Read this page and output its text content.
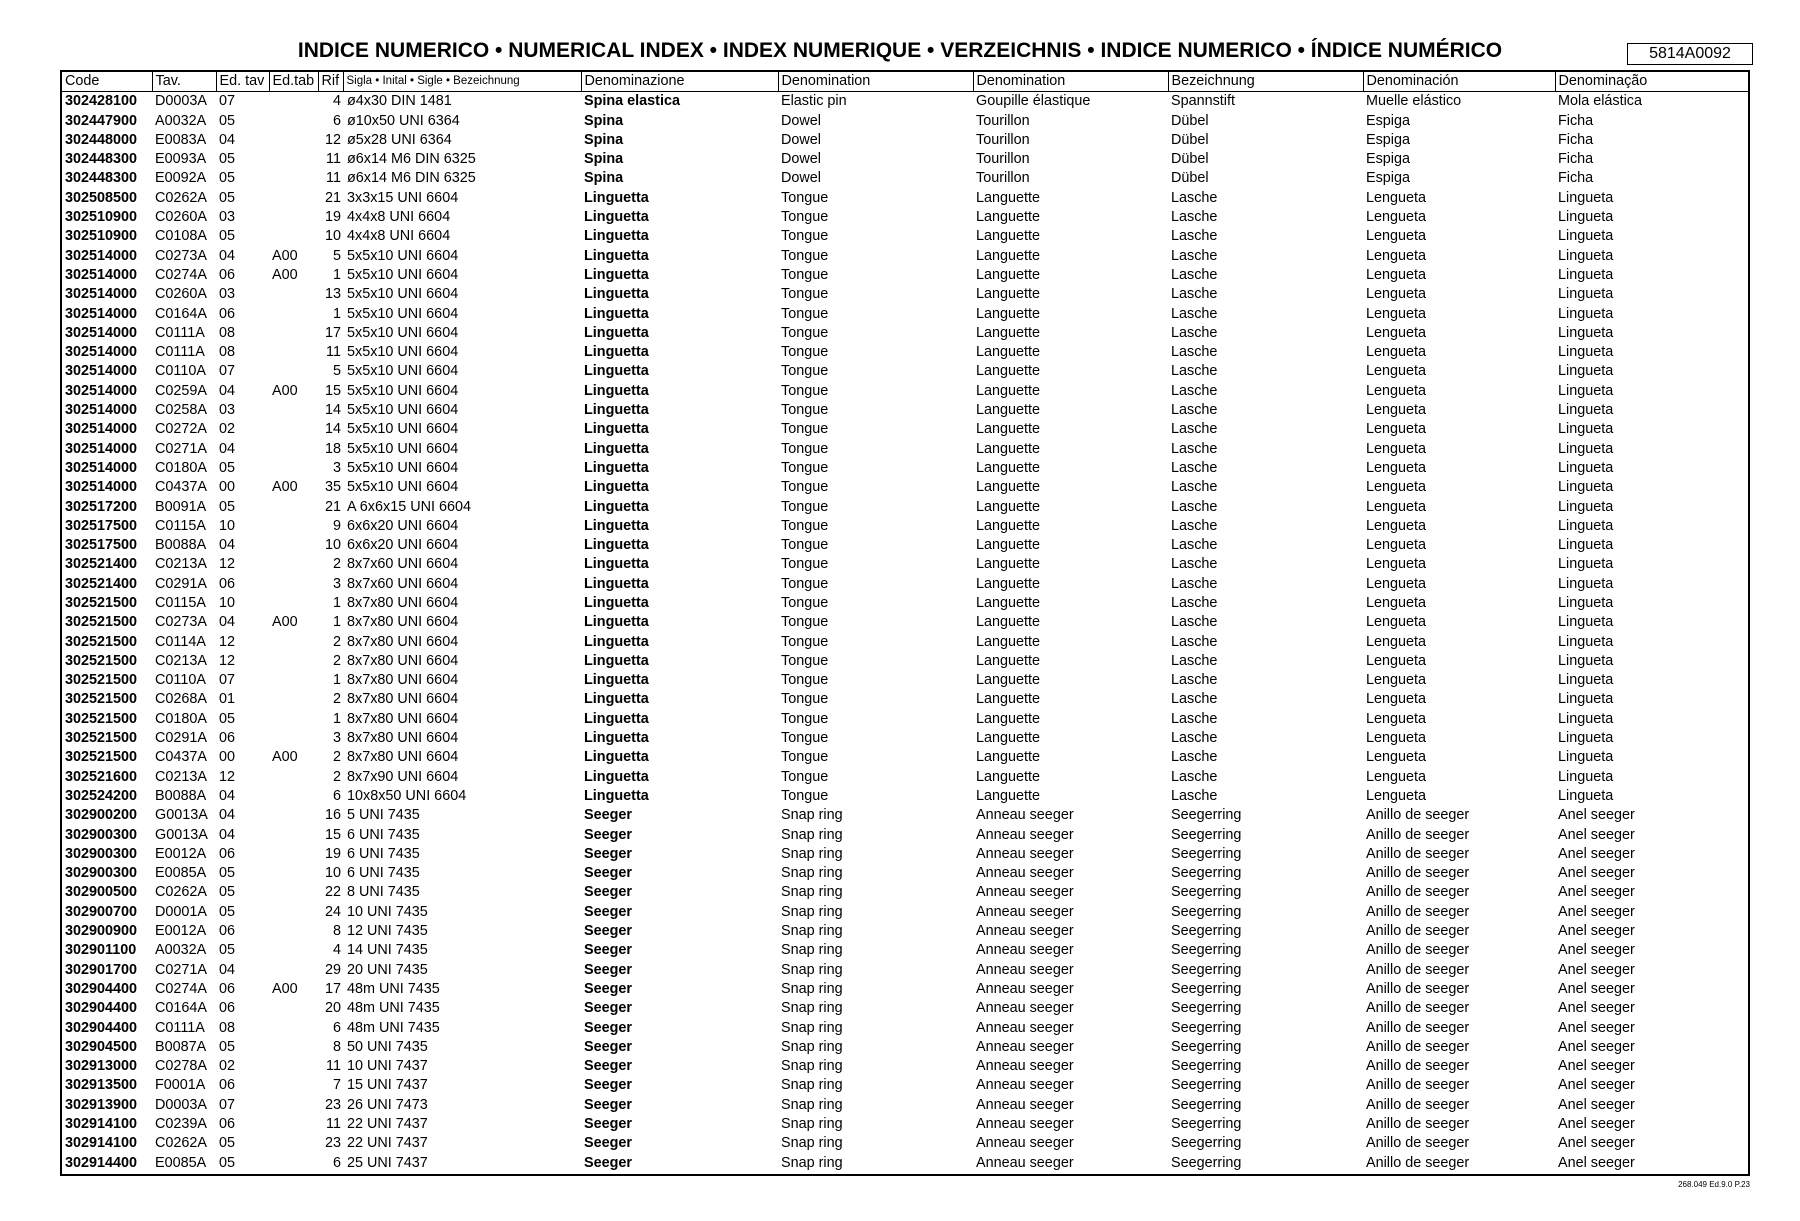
INDICE NUMERICO • NUMERICAL INDEX • INDEX NUMERIQUE • VERZEICHNIS • INDICE NUMERICO • ÍNDICE NUMÉRICO	5814A0092
Code	Tav.	Ed. tav	Ed.tab	Rif	Sigla • Inital • Sigle • Bezeichnung	Denominazione	Denomination	Denomination	Bezeichnung	Denominación	Denominação
302428100	D0003A	07		4	ø4x30 DIN 1481	Spina elastica	Elastic pin	Goupille élastique	Spannstift	Muelle elástico	Mola elástica
302447900	A0032A	05		6	ø10x50 UNI 6364	Spina	Dowel	Tourillon	Dübel	Espiga	Ficha
302448000	E0083A	04		12	ø5x28 UNI 6364	Spina	Dowel	Tourillon	Dübel	Espiga	Ficha
302448300	E0093A	05		11	ø6x14 M6 DIN 6325	Spina	Dowel	Tourillon	Dübel	Espiga	Ficha
302448300	E0092A	05		11	ø6x14 M6 DIN 6325	Spina	Dowel	Tourillon	Dübel	Espiga	Ficha
302508500	C0262A	05		21	3x3x15 UNI 6604	Linguetta	Tongue	Languette	Lasche	Lengueta	Lingueta
302510900	C0260A	03		19	4x4x8 UNI 6604	Linguetta	Tongue	Languette	Lasche	Lengueta	Lingueta
302510900	C0108A	05		10	4x4x8 UNI 6604	Linguetta	Tongue	Languette	Lasche	Lengueta	Lingueta
302514000	C0273A	04	A00	5	5x5x10 UNI 6604	Linguetta	Tongue	Languette	Lasche	Lengueta	Lingueta
302514000	C0274A	06	A00	1	5x5x10 UNI 6604	Linguetta	Tongue	Languette	Lasche	Lengueta	Lingueta
302514000	C0260A	03		13	5x5x10 UNI 6604	Linguetta	Tongue	Languette	Lasche	Lengueta	Lingueta
302514000	C0164A	06		1	5x5x10 UNI 6604	Linguetta	Tongue	Languette	Lasche	Lengueta	Lingueta
302514000	C0111A	08		17	5x5x10 UNI 6604	Linguetta	Tongue	Languette	Lasche	Lengueta	Lingueta
302514000	C0111A	08		11	5x5x10 UNI 6604	Linguetta	Tongue	Languette	Lasche	Lengueta	Lingueta
302514000	C0110A	07		5	5x5x10 UNI 6604	Linguetta	Tongue	Languette	Lasche	Lengueta	Lingueta
302514000	C0259A	04	A00	15	5x5x10 UNI 6604	Linguetta	Tongue	Languette	Lasche	Lengueta	Lingueta
302514000	C0258A	03		14	5x5x10 UNI 6604	Linguetta	Tongue	Languette	Lasche	Lengueta	Lingueta
302514000	C0272A	02		14	5x5x10 UNI 6604	Linguetta	Tongue	Languette	Lasche	Lengueta	Lingueta
302514000	C0271A	04		18	5x5x10 UNI 6604	Linguetta	Tongue	Languette	Lasche	Lengueta	Lingueta
302514000	C0180A	05		3	5x5x10 UNI 6604	Linguetta	Tongue	Languette	Lasche	Lengueta	Lingueta
302514000	C0437A	00	A00	35	5x5x10 UNI 6604	Linguetta	Tongue	Languette	Lasche	Lengueta	Lingueta
302517200	B0091A	05		21	A 6x6x15 UNI 6604	Linguetta	Tongue	Languette	Lasche	Lengueta	Lingueta
302517500	C0115A	10		9	6x6x20 UNI 6604	Linguetta	Tongue	Languette	Lasche	Lengueta	Lingueta
302517500	B0088A	04		10	6x6x20 UNI 6604	Linguetta	Tongue	Languette	Lasche	Lengueta	Lingueta
302521400	C0213A	12		2	8x7x60 UNI 6604	Linguetta	Tongue	Languette	Lasche	Lengueta	Lingueta
302521400	C0291A	06		3	8x7x60 UNI 6604	Linguetta	Tongue	Languette	Lasche	Lengueta	Lingueta
302521500	C0115A	10		1	8x7x80 UNI 6604	Linguetta	Tongue	Languette	Lasche	Lengueta	Lingueta
302521500	C0273A	04	A00	1	8x7x80 UNI 6604	Linguetta	Tongue	Languette	Lasche	Lengueta	Lingueta
302521500	C0114A	12		2	8x7x80 UNI 6604	Linguetta	Tongue	Languette	Lasche	Lengueta	Lingueta
302521500	C0213A	12		2	8x7x80 UNI 6604	Linguetta	Tongue	Languette	Lasche	Lengueta	Lingueta
302521500	C0110A	07		1	8x7x80 UNI 6604	Linguetta	Tongue	Languette	Lasche	Lengueta	Lingueta
302521500	C0268A	01		2	8x7x80 UNI 6604	Linguetta	Tongue	Languette	Lasche	Lengueta	Lingueta
302521500	C0180A	05		1	8x7x80 UNI 6604	Linguetta	Tongue	Languette	Lasche	Lengueta	Lingueta
302521500	C0291A	06		3	8x7x80 UNI 6604	Linguetta	Tongue	Languette	Lasche	Lengueta	Lingueta
302521500	C0437A	00	A00	2	8x7x80 UNI 6604	Linguetta	Tongue	Languette	Lasche	Lengueta	Lingueta
302521600	C0213A	12		2	8x7x90 UNI 6604	Linguetta	Tongue	Languette	Lasche	Lengueta	Lingueta
302524200	B0088A	04		6	10x8x50 UNI 6604	Linguetta	Tongue	Languette	Lasche	Lengueta	Lingueta
302900200	G0013A	04		16	5 UNI 7435	Seeger	Snap ring	Anneau seeger	Seegerring	Anillo de seeger	Anel seeger
302900300	G0013A	04		15	6 UNI 7435	Seeger	Snap ring	Anneau seeger	Seegerring	Anillo de seeger	Anel seeger
302900300	E0012A	06		19	6 UNI 7435	Seeger	Snap ring	Anneau seeger	Seegerring	Anillo de seeger	Anel seeger
302900300	E0085A	05		10	6 UNI 7435	Seeger	Snap ring	Anneau seeger	Seegerring	Anillo de seeger	Anel seeger
302900500	C0262A	05		22	8 UNI 7435	Seeger	Snap ring	Anneau seeger	Seegerring	Anillo de seeger	Anel seeger
302900700	D0001A	05		24	10 UNI 7435	Seeger	Snap ring	Anneau seeger	Seegerring	Anillo de seeger	Anel seeger
302900900	E0012A	06		8	12 UNI 7435	Seeger	Snap ring	Anneau seeger	Seegerring	Anillo de seeger	Anel seeger
302901100	A0032A	05		4	14 UNI 7435	Seeger	Snap ring	Anneau seeger	Seegerring	Anillo de seeger	Anel seeger
302901700	C0271A	04		29	20 UNI 7435	Seeger	Snap ring	Anneau seeger	Seegerring	Anillo de seeger	Anel seeger
302904400	C0274A	06	A00	17	48m UNI 7435	Seeger	Snap ring	Anneau seeger	Seegerring	Anillo de seeger	Anel seeger
302904400	C0164A	06		20	48m UNI 7435	Seeger	Snap ring	Anneau seeger	Seegerring	Anillo de seeger	Anel seeger
302904400	C0111A	08		6	48m UNI 7435	Seeger	Snap ring	Anneau seeger	Seegerring	Anillo de seeger	Anel seeger
302904500	B0087A	05		8	50 UNI 7435	Seeger	Snap ring	Anneau seeger	Seegerring	Anillo de seeger	Anel seeger
302913000	C0278A	02		11	10 UNI 7437	Seeger	Snap ring	Anneau seeger	Seegerring	Anillo de seeger	Anel seeger
302913500	F0001A	06		7	15 UNI 7437	Seeger	Snap ring	Anneau seeger	Seegerring	Anillo de seeger	Anel seeger
302913900	D0003A	07		23	26 UNI 7473	Seeger	Snap ring	Anneau seeger	Seegerring	Anillo de seeger	Anel seeger
302914100	C0239A	06		11	22 UNI 7437	Seeger	Snap ring	Anneau seeger	Seegerring	Anillo de seeger	Anel seeger
302914100	C0262A	05		23	22 UNI 7437	Seeger	Snap ring	Anneau seeger	Seegerring	Anillo de seeger	Anel seeger
302914400	E0085A	05		6	25 UNI 7437	Seeger	Snap ring	Anneau seeger	Seegerring	Anillo de seeger	Anel seeger
268.049 Ed.9.0 P.23
